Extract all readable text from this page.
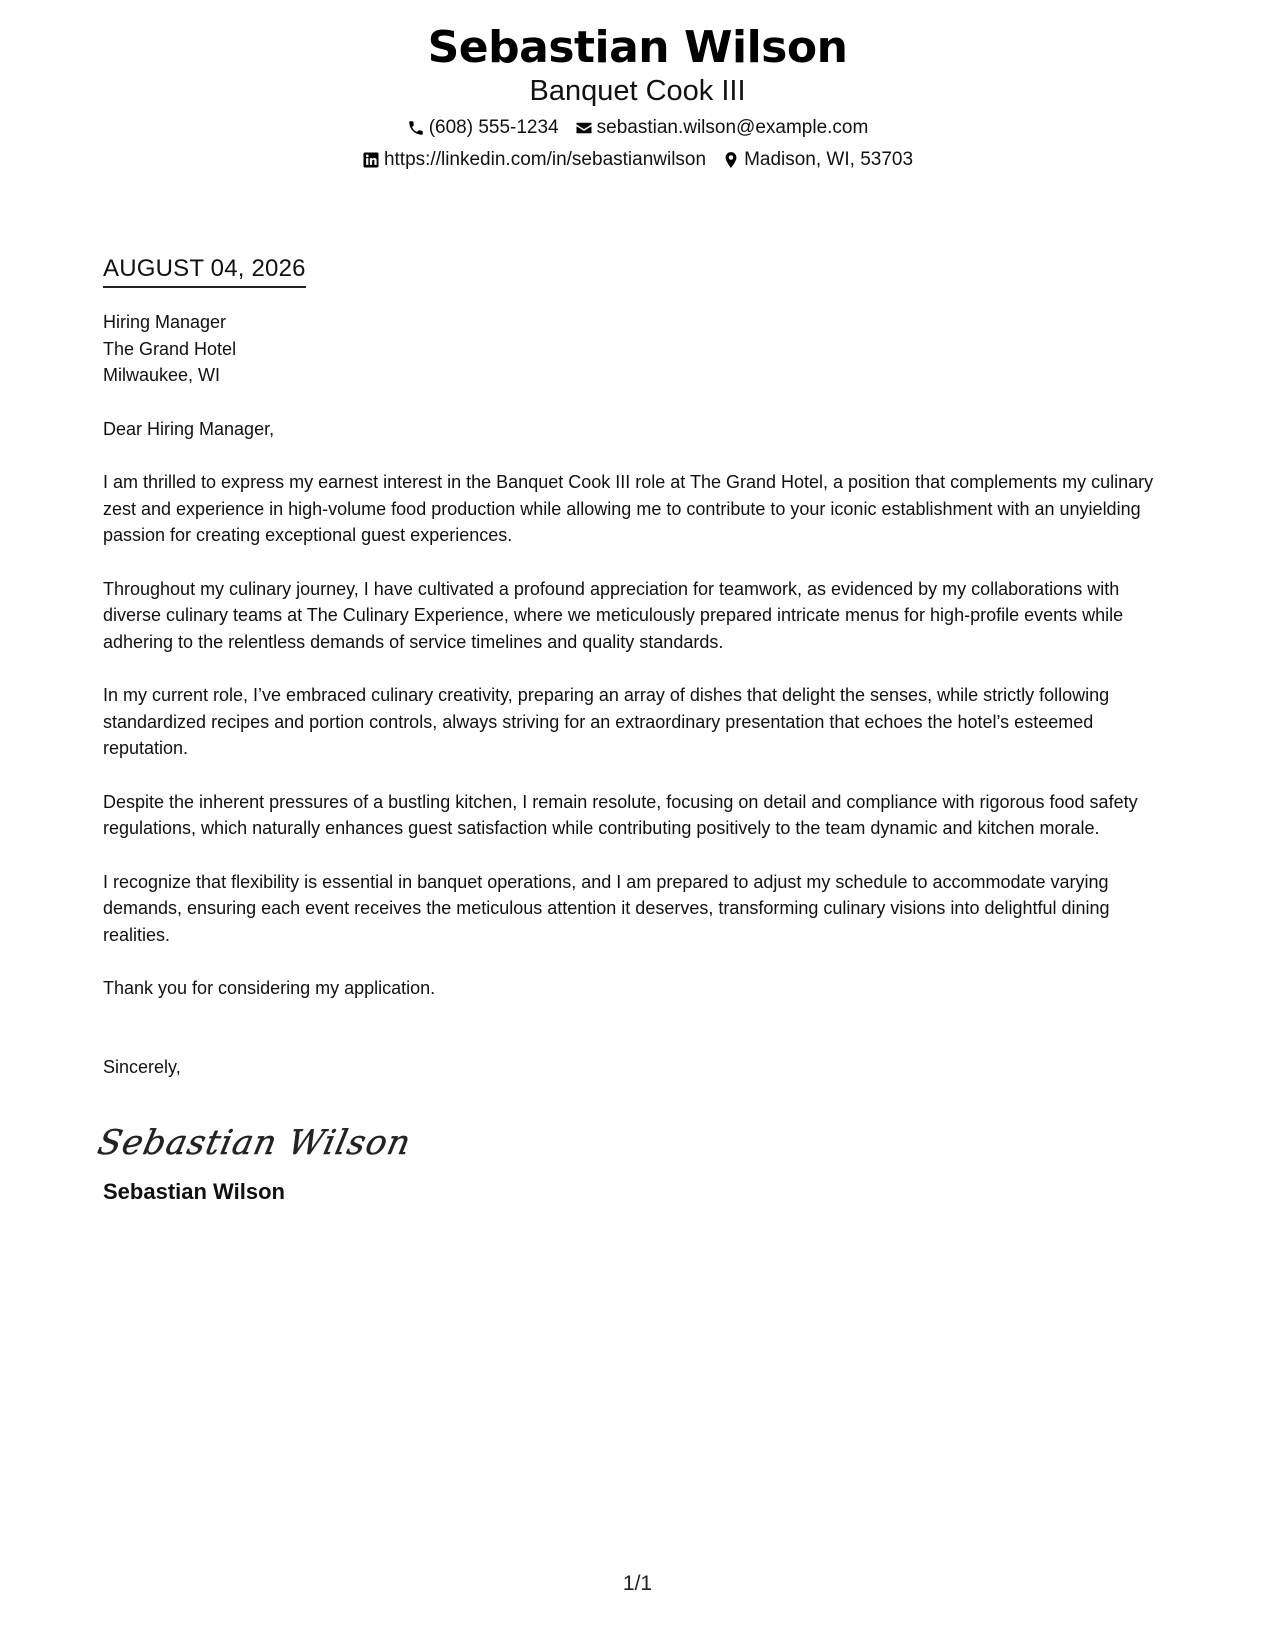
Sebastian Wilson
Banquet Cook III
(608) 555-1234 sebastian.wilson@example.com
https://linkedin.com/in/sebastianwilson Madison, WI, 53703
AUGUST 04, 2026
Hiring Manager
The Grand Hotel
Milwaukee, WI
Dear Hiring Manager,
I am thrilled to express my earnest interest in the Banquet Cook III role at The Grand Hotel, a position that complements my culinary zest and experience in high-volume food production while allowing me to contribute to your iconic establishment with an unyielding passion for creating exceptional guest experiences.
Throughout my culinary journey, I have cultivated a profound appreciation for teamwork, as evidenced by my collaborations with diverse culinary teams at The Culinary Experience, where we meticulously prepared intricate menus for high-profile events while adhering to the relentless demands of service timelines and quality standards.
In my current role, I’ve embraced culinary creativity, preparing an array of dishes that delight the senses, while strictly following standardized recipes and portion controls, always striving for an extraordinary presentation that echoes the hotel’s esteemed reputation.
Despite the inherent pressures of a bustling kitchen, I remain resolute, focusing on detail and compliance with rigorous food safety regulations, which naturally enhances guest satisfaction while contributing positively to the team dynamic and kitchen morale.
I recognize that flexibility is essential in banquet operations, and I am prepared to adjust my schedule to accommodate varying demands, ensuring each event receives the meticulous attention it deserves, transforming culinary visions into delightful dining realities.
Thank you for considering my application.
Sincerely,
Sebastian Wilson
Sebastian Wilson
1/1
